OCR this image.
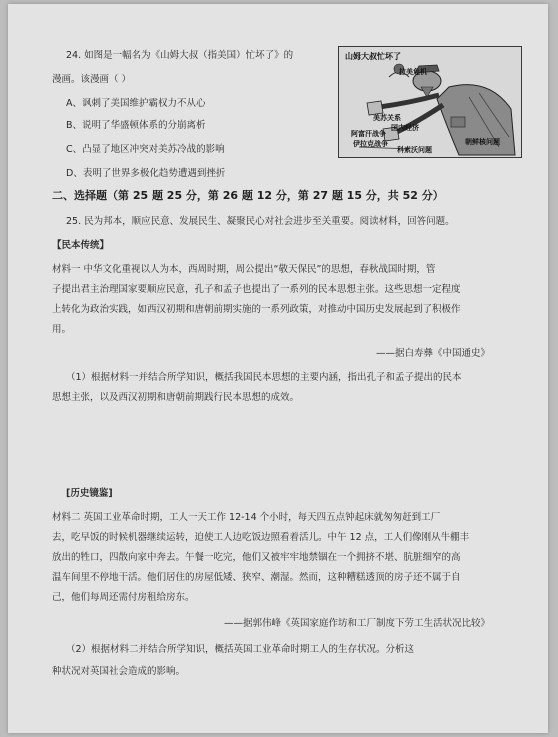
24. 如图是一幅名为《山姆大叔（指美国）忙坏了》的
漫画。该漫画（ ）
A、讽刺了美国维护霸权力不从心
B、说明了华盛顿体系的分崩离析
C、凸显了地区冲突对美苏冷战的影响
D、表明了世界多极化趋势遭遇到挫折
山姆大叔忙坏了
拉美危机
美苏关系
国内经济
阿富汗战争
伊拉克战争
科索沃问题
朝鲜核问题
二、选择题（第 25 题 25 分，第 26 题 12 分，第 27 题 15 分，共 52 分）
25. 民为邦本，顺应民意、发展民生、凝聚民心对社会进步至关重要。阅读材料，回答问题。
【民本传统】
材料一 中华文化重视以人为本，西周时期，周公提出“敬天保民”的思想，春秋战国时期，管
子提出君主治理国家要顺应民意，孔子和孟子也提出了一系列的民本思想主张。这些思想一定程度
上转化为政治实践，如西汉初期和唐朝前期实施的一系列政策，对推动中国历史发展起到了积极作
用。
——据白寿彝《中国通史》
（1）根据材料一并结合所学知识，概括我国民本思想的主要内涵，指出孔子和孟子提出的民本
思想主张，以及西汉初期和唐朝前期践行民本思想的成效。
[历史镜鉴]
材料二 英国工业革命时期，工人一天工作 12-14 个小时，每天四五点钟起床就匆匆赶到工厂
去，吃早饭的时候机器继续运转，迫使工人边吃饭边照看着活儿。中午 12 点，工人们像刚从牛棚丰
放出的牲口，四散向家中奔去。午餐一吃完，他们又被牢牢地禁锢在一个拥挤不堪、肮脏细窄的高
温车间里不停地干活。他们居住的房屋低矮、狭窄、潮湿。然而，这种糟糕透顶的房子还不属于自
己，他们每周还需付房租给房东。
——据郭伟峰《英国家庭作坊和工厂制度下劳工生活状况比较》
（2）根据材料二并结合所学知识，概括英国工业革命时期工人的生存状况。分析这
种状况对英国社会造成的影响。
